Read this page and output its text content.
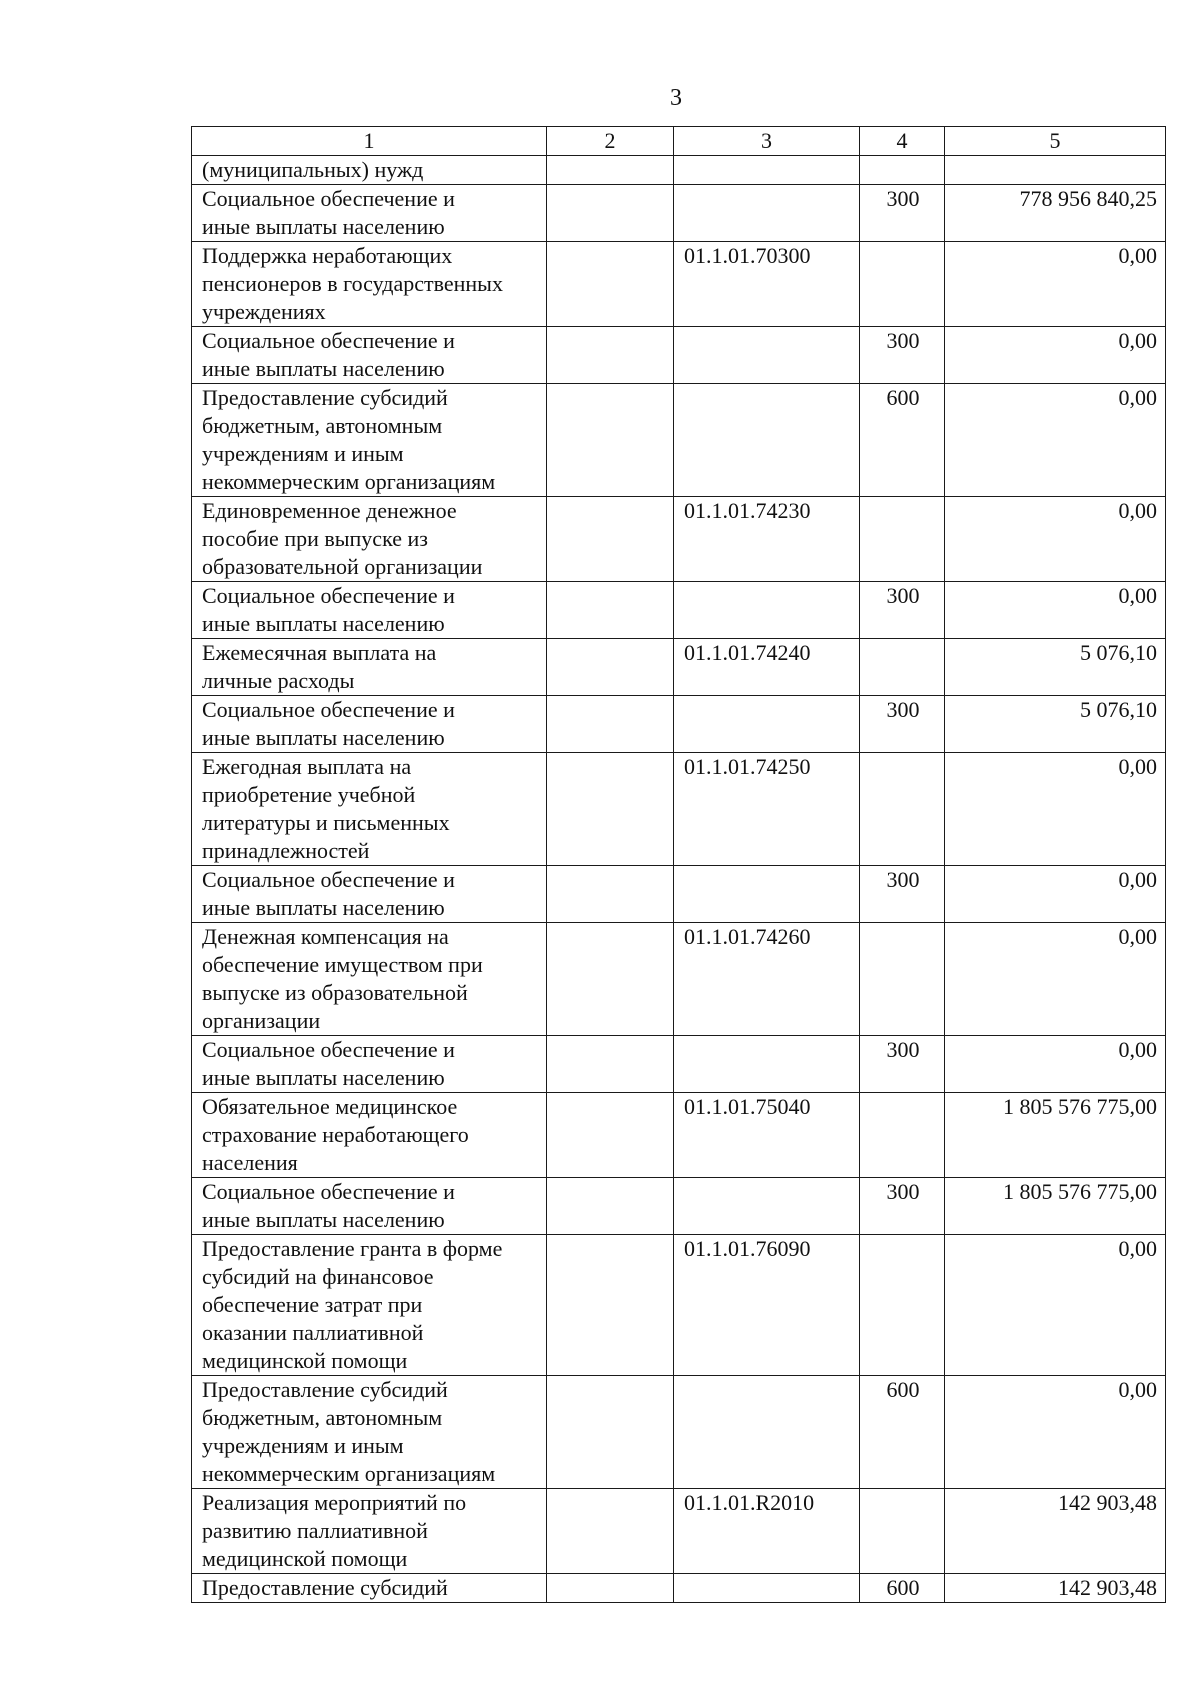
3
1	2	3	4	5

(муниципальных) нужд				

Социальное обеспечение и
иные выплаты населению			300	778 956 840,25

Поддержка неработающих
пенсионеров в государственных
учреждениях		01.1.01.70300		0,00

Социальное обеспечение и
иные выплаты населению			300	0,00

Предоставление субсидий
бюджетным, автономным
учреждениям и иным
некоммерческим организациям			600	0,00

Единовременное денежное
пособие при выпуске из
образовательной организации		01.1.01.74230		0,00

Социальное обеспечение и
иные выплаты населению			300	0,00

Ежемесячная выплата на
личные расходы		01.1.01.74240		5 076,10

Социальное обеспечение и
иные выплаты населению			300	5 076,10

Ежегодная выплата на
приобретение учебной
литературы и письменных
принадлежностей		01.1.01.74250		0,00

Социальное обеспечение и
иные выплаты населению			300	0,00

Денежная компенсация на
обеспечение имуществом при
выпуске из образовательной
организации		01.1.01.74260		0,00

Социальное обеспечение и
иные выплаты населению			300	0,00

Обязательное медицинское
страхование неработающего
населения		01.1.01.75040		1 805 576 775,00

Социальное обеспечение и
иные выплаты населению			300	1 805 576 775,00

Предоставление гранта в форме
субсидий на финансовое
обеспечение затрат при
оказании паллиативной
медицинской помощи		01.1.01.76090		0,00

Предоставление субсидий
бюджетным, автономным
учреждениям и иным
некоммерческим организациям			600	0,00

Реализация мероприятий по
развитию паллиативной
медицинской помощи		01.1.01.R2010		142 903,48

Предоставление субсидий			600	142 903,48
